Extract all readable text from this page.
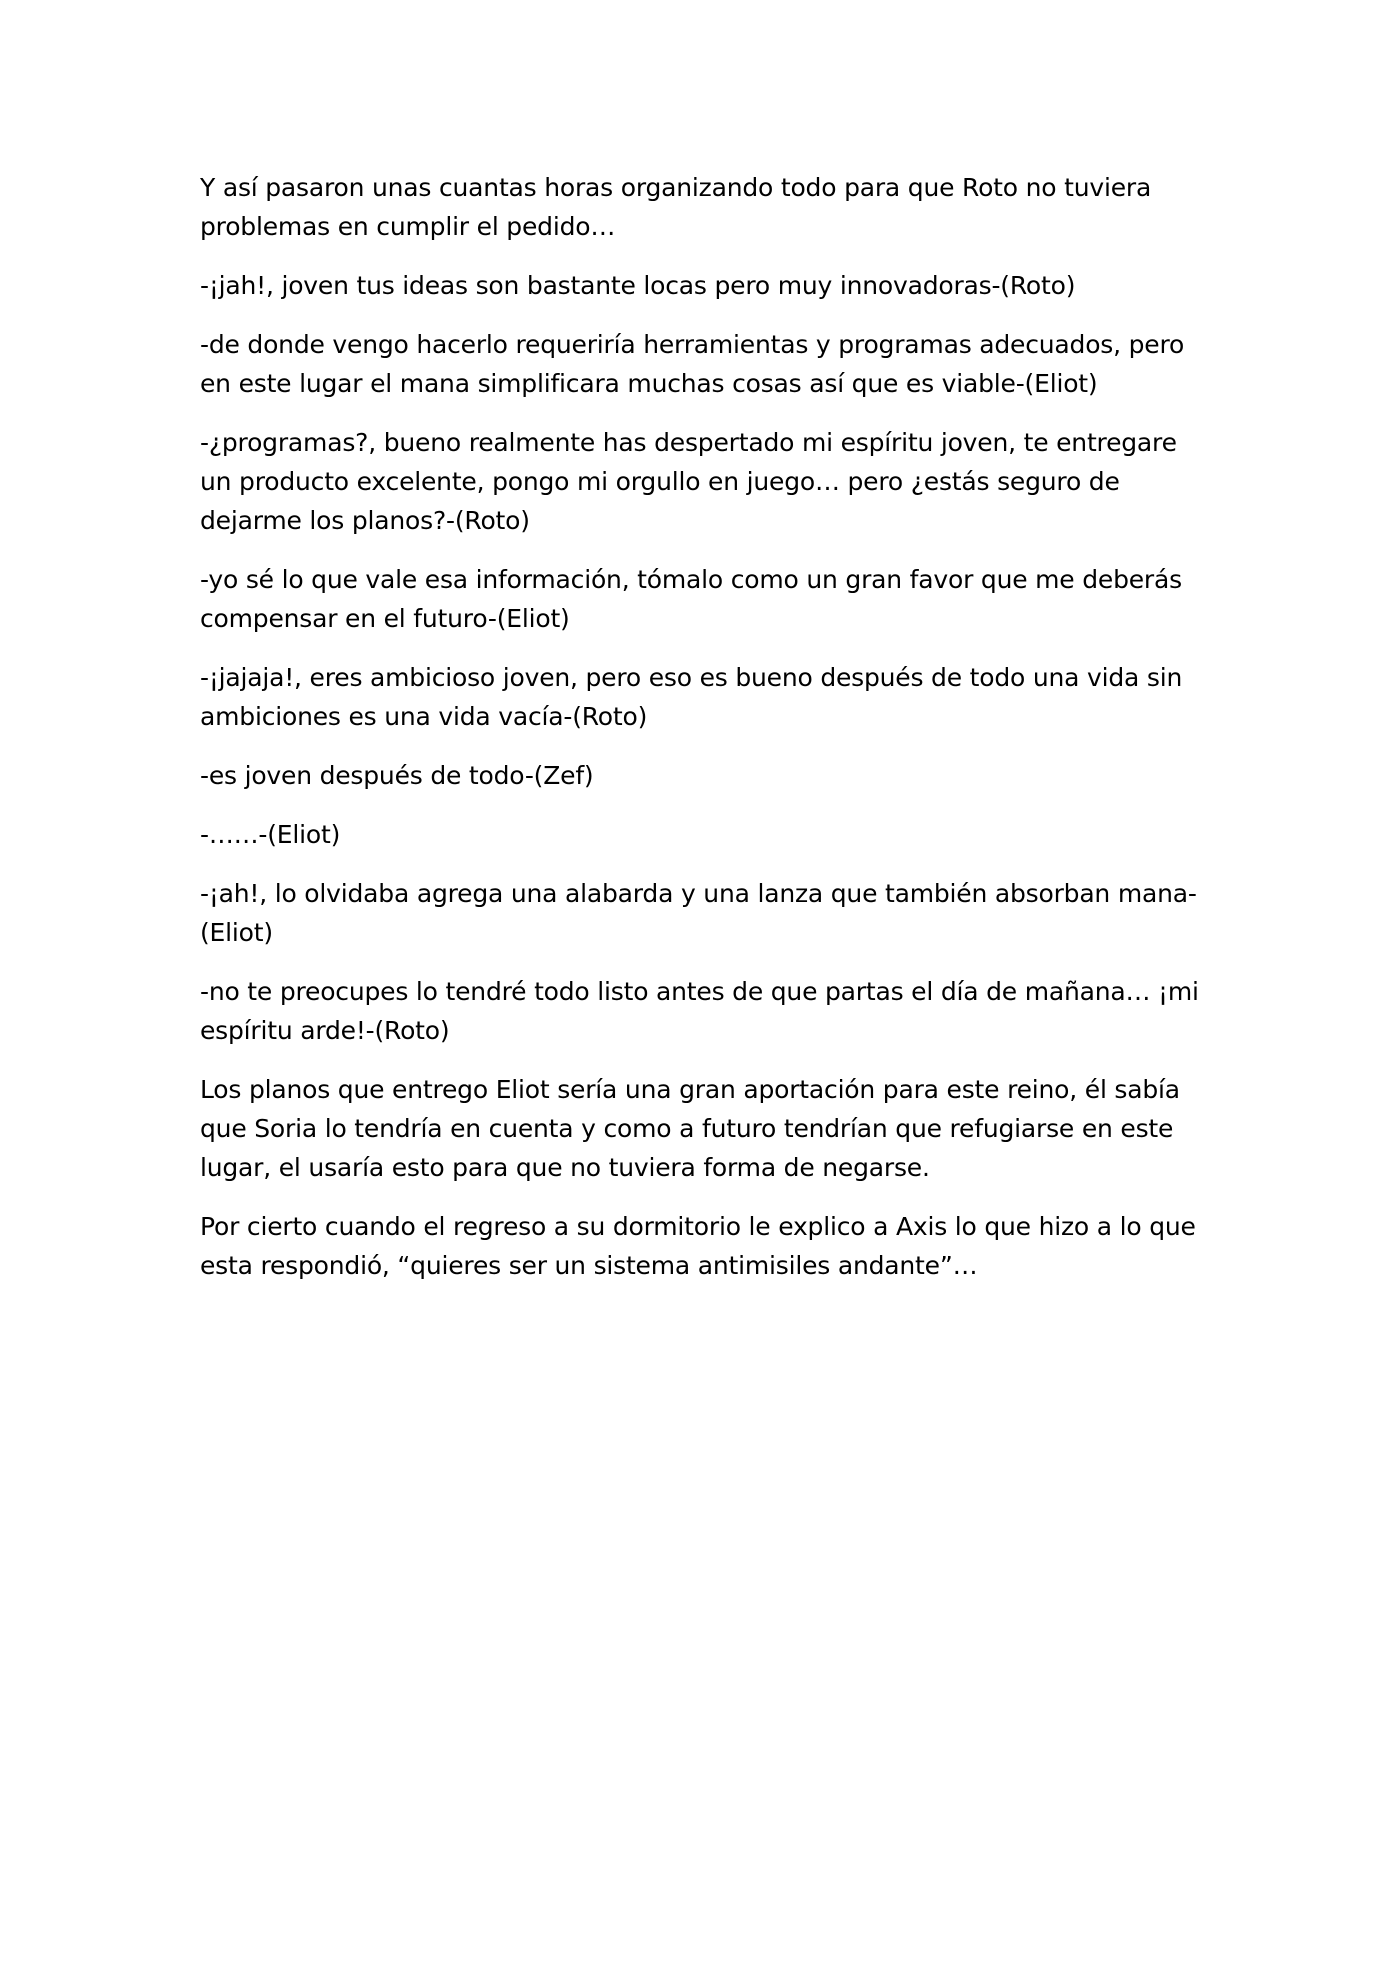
Y así pasaron unas cuantas horas organizando todo para que Roto no tuviera problemas en cumplir el pedido…

-¡jah!, joven tus ideas son bastante locas pero muy innovadoras-(Roto)

-de donde vengo hacerlo requeriría herramientas y programas adecuados, pero en este lugar el mana simplificara muchas cosas así que es viable-(Eliot)

-¿programas?, bueno realmente has despertado mi espíritu joven, te entregare un producto excelente, pongo mi orgullo en juego… pero ¿estás seguro de dejarme los planos?-(Roto)

-yo sé lo que vale esa información, tómalo como un gran favor que me deberás compensar en el futuro-(Eliot)

-¡jajaja!, eres ambicioso joven, pero eso es bueno después de todo una vida sin ambiciones es una vida vacía-(Roto)

-es joven después de todo-(Zef)

-……-(Eliot)

-¡ah!, lo olvidaba agrega una alabarda y una lanza que también absorban mana-(Eliot)

-no te preocupes lo tendré todo listo antes de que partas el día de mañana… ¡mi espíritu arde!-(Roto)

Los planos que entrego Eliot sería una gran aportación para este reino, él sabía que Soria lo tendría en cuenta y como a futuro tendrían que refugiarse en este lugar, el usaría esto para que no tuviera forma de negarse.

Por cierto cuando el regreso a su dormitorio le explico a Axis lo que hizo a lo que esta respondió, “quieres ser un sistema antimisiles andante”…
